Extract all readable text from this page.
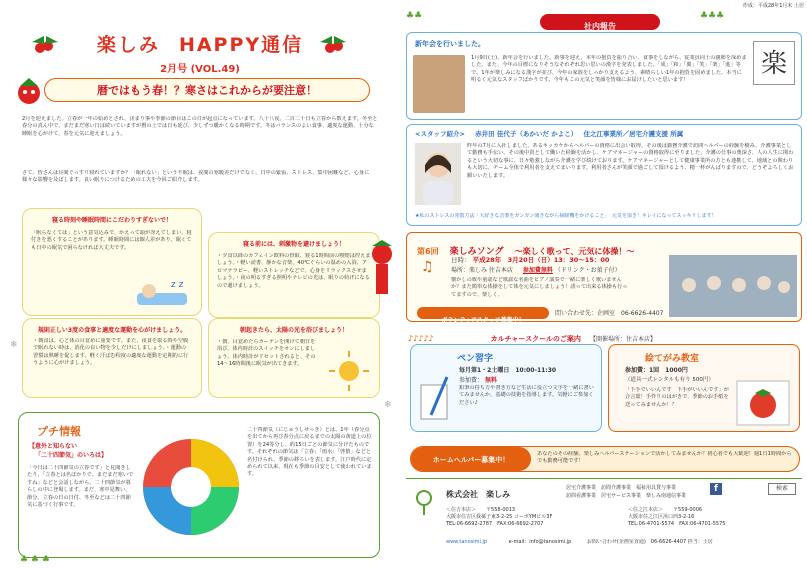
楽しみ HAPPY通信
2月号 (VOL.49)
暦ではもう春！？寒さはこれからが要注意！
2月を迎えました。立春が一年の始めとされ、決まり事や季節の節目はこの日が起点になっています。八十八夜、二百二十日も立春から数えます。冬至と春分の真ん中で、まだまだ寒い日は続いていますが暦の上では日も延び、少しずつ暖かくなる時期です。冬はバランスのよい食事、適度な運動、十分な睡眠を心がけて、春を元気に迎えましょう。
さて、皆さんは昼間ぐっすり寝れていますか？「眠れない」という不眠は、夜間の寒暖差だけでなく、日中の緊張、ストレス、集中困難など、心身に様々な影響を及ぼします。良い眠りにつけるための工夫を今回ご紹介します。
寝る時刻や睡眠時間にこだわりすぎないで！
「眠らなくては」という意気込みで、かえって頭が冴えてしまい、寝付きを悪くすることがあります。睡眠時間には個人差があり、眠くても日中の眠気で困らなければ大丈夫です。
z z
寝る前には、刺激物を避けましょう！
・夕食以降のカフェイン飲料の摂取、寝る1時間前の喫煙は控えましょう。・軽い読書、静かな音楽、40℃ぐらいの温めの入浴、アロマテラピー、軽いストレッチなどで、心身をリラックスさせましょう。・夜の明るすぎる照明やテレビの光は、眠りの妨げになるので避けましょう。
規則正しい3度の食事と適度な運動を心がけましょう。
・朝食は、心と体の目覚めに重要です。また、夜食を取る時や空腹で眠れない時は、消化の良い物を少しだけにしましょう。・運動の習慣は熟睡を促します。軽く汗ばむ程度の適度な運動を定期的に行うように心がけましょう。
朝起きたら、太陽の光を浴びましょう！
・朝、目覚めたらカーテンを開けて朝日を浴び、体内時計のスイッチをオンにしましょう。体内時計がリセットされると、その14〜16時間後に眠気が出てきます。
プチ情報
【意外と知らない
「二十四節気」のいろは】
「今日は二十四節気の立春です」と見聞きしたり、「立春とは名ばかりで、まだまだ寒いですね」などと会話しながら、二十四節気が暮らしの中に登場します。まだ、寒中見舞い、節分、立春の日の日付、冬至などは二十四節気に基づく行事です。
二十四節気（にじゅうしせっき）とは、1年（春分点を出てから再び春分点に戻るまでの太陽の黄道上の位置）を24等分し、約15日ごとの節気に分けたものです。それぞれの節気は「立春」「雨水」「啓蟄」などと名付けられ、季節の移ろいを表します。江戸時代に定められて以来、現在も季節の目安として使われています。
作成：平成28年1月末 土居
社内報告
新年会を行いました。
1月9日(土)、新年会を行いました。新事を迎え、本年の抱負を振り合い、食事をしながら、従業員同士の親睦を深めました。また、今年の目標になりそうなそれぞれ思い思いの漢字を発表しました。「成」「和」「翼」「笑」「楽」「進」等で、1年が楽しみになる漢字が並び、今年の家族をしっかり支えるよう、素晴らしい1年の抱負を固めました。本当に明るく元気なスタッフばかりです。今年もこの元気と笑顔を皆様にお届けしたいと思います！
楽
<スタッフ紹介> 赤井田 佳代子（あかいだ かよこ） 住之江事業所／居宅介護支援 所属
昨年の7月に入社しました。あるキッカケからヘルパーの資格に出会い取得、その後は勤務介護で訪問ヘルパーの経験を積み、介護事業として勤務も手伝い、その後中貴として働いた経験を活かし、ケアマネージャーの資格取得に至りました。介護の仕事の奥深さ、人の人生に関わるという大切な事に、日々勉強しながら介護を学び続けております。ケアマネージャーとして健康事業所の方とも連携して、地域との関わりも大切に、チーム全体で利用者を支えてまいります。利用者さんが笑顔で過ごして頂けるよう、精一杯がんばりますので、どうぞよろしくお願いいたします。
★私のストレスの発散方法「大好きな音楽をガンガン聞きながら掃除機をかけること」　元気を頂き！キレイになってスッキリします！
第6回 楽しみソング ～楽しく歌って、元気に体操！～
日時： 平成28年　3月20日（日）13：30～15：00
場所：楽しみ 住吉本店 参加費無料 （ドリンク・お菓子付）
懐かしの歌や童謡など歌謡な名曲をピアノ演奏で一緒に楽しく歌いませんか？また簡単な体操をして体を元気にしましょう！誘って出来る体操も行ってますので、楽しく、
♫
ボランティアスタッフ募集中！
問い合わせ先：企画室　06-6626-4407
♪♪♪♪♪	カルチャースクールのご案内 【開催場所：住吉本店】
ペン習字
毎月第1・2土曜日　10:00-11:30
参加費： 無料
鉛筆の持ち方や書き方など生活に役立つ文字を一緒に書いてみませんか。基礎の技術を指導します。気軽にご参加ください♪
絵てがみ教室
参加費：1回　1000円
（道具一式レンタルも有り 500円）
「下手でいいんです　下手がいいんです」が合言葉！手作りのはがきで、季節のお手紙を送ってみませんか！？
ホームヘルパー募集中！
あなたのその経験、楽しみヘルパーステーションで活かしてみませんか？初心者でも大歓迎！週1日1時間からでも勤務可能です！
株式会社　楽しみ
居宅介護事業　訪問介護事業　福祉用具貸与事業
訪問看護事業　居宅サービス事業　楽しみ南通信事業
f	検索
＜住吉本店＞ 〒558-0013
大阪市住吉区我孫子東3-2-25 コーポYMビル3F
TEL:06-6692-2787　FAX:06-6692-2707
＜住之江本店＞ 〒559-0006
大阪市住之江区浜口西3-2-16
TEL:06-4701-5574　FAX:06-4701-5575
www.tanosimi.jp	e-mail：info@tanosimi.jp	お問い合わせ(企画室直通)　06-6626-4407 担当：土居
♣♣	♣♣♣
♣ ♣ ♣
❄
❄
